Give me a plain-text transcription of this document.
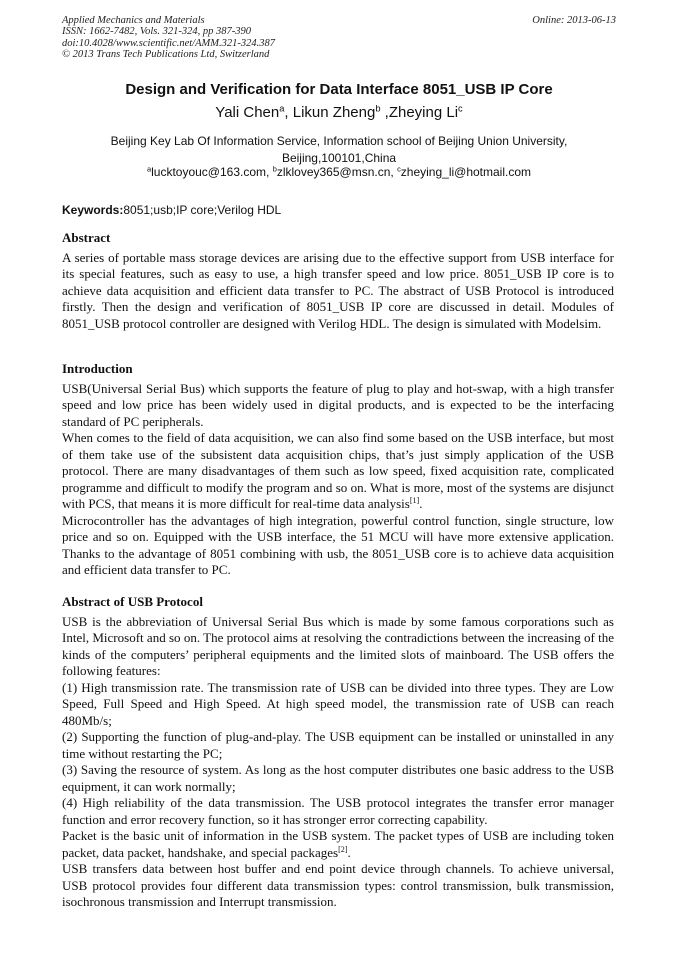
Applied Mechanics and Materials
ISSN: 1662-7482, Vols. 321-324, pp 387-390
doi:10.4028/www.scientific.net/AMM.321-324.387
© 2013 Trans Tech Publications Ltd, Switzerland
Online: 2013-06-13
Design and Verification for Data Interface 8051_USB IP Core
Yali Chen$^a$, Likun Zheng$^b$ ,Zheying Li$^c$
Beijing Key Lab Of Information Service, Information school of Beijing Union University,
Beijing,100101,China
$^a$lucktoyouc@163.com, $^b$zlklovey365@msn.cn, $^c$zheying_li@hotmail.com
Keywords:8051;usb;IP core;Verilog HDL
Abstract

A series of portable mass storage devices are arising due to the effective support from USB interface for its special features, such as easy to use, a high transfer speed and low price. 8051_USB IP core is to achieve data acquisition and efficient data transfer to PC. The abstract of USB Protocol is introduced firstly. Then the design and verification of 8051_USB IP core are discussed in detail. Modules of 8051_USB protocol controller are designed with Verilog HDL. The design is simulated with Modelsim.

Introduction

USB(Universal Serial Bus) which supports the feature of plug to play and hot-swap, with a high transfer speed and low price has been widely used in digital products, and is expected to be the interfacing standard of PC peripherals.

When comes to the field of data acquisition, we can also find some based on the USB interface, but most of them take use of the subsistent data acquisition chips, that’s just simply application of the USB protocol. There are many disadvantages of them such as low speed, fixed acquisition rate, complicated programme and difficult to modify the program and so on. What is more, most of the systems are disjunct with PCS, that means it is more difficult for real-time data analysis[1].

Microcontroller has the advantages of high integration, powerful control function, single structure, low price and so on. Equipped with the USB interface, the 51 MCU will have more extensive application. Thanks to the advantage of 8051 combining with usb, the 8051_USB core is to achieve data acquisition and efficient data transfer to PC.

Abstract of USB Protocol

USB is the abbreviation of Universal Serial Bus which is made by some famous corporations such as Intel, Microsoft and so on. The protocol aims at resolving the contradictions between the increasing of the kinds of the computers’ peripheral equipments and the limited slots of mainboard. The USB offers the following features:

(1) High transmission rate. The transmission rate of USB can be divided into three types. They are Low Speed, Full Speed and High Speed. At high speed model, the transmission rate of USB can reach 480Mb/s;

(2) Supporting the function of plug-and-play. The USB equipment can be installed or uninstalled in any time without restarting the PC;

(3) Saving the resource of system. As long as the host computer distributes one basic address to the USB equipment, it can work normally;

(4) High reliability of the data transmission. The USB protocol integrates the transfer error manager function and error recovery function, so it has stronger error correcting capability.

Packet is the basic unit of information in the USB system. The packet types of USB are including token packet, data packet, handshake, and special packages[2].

USB transfers data between host buffer and end point device through channels. To achieve universal, USB protocol provides four different data transmission types: control transmission, bulk transmission, isochronous transmission and Interrupt transmission.
